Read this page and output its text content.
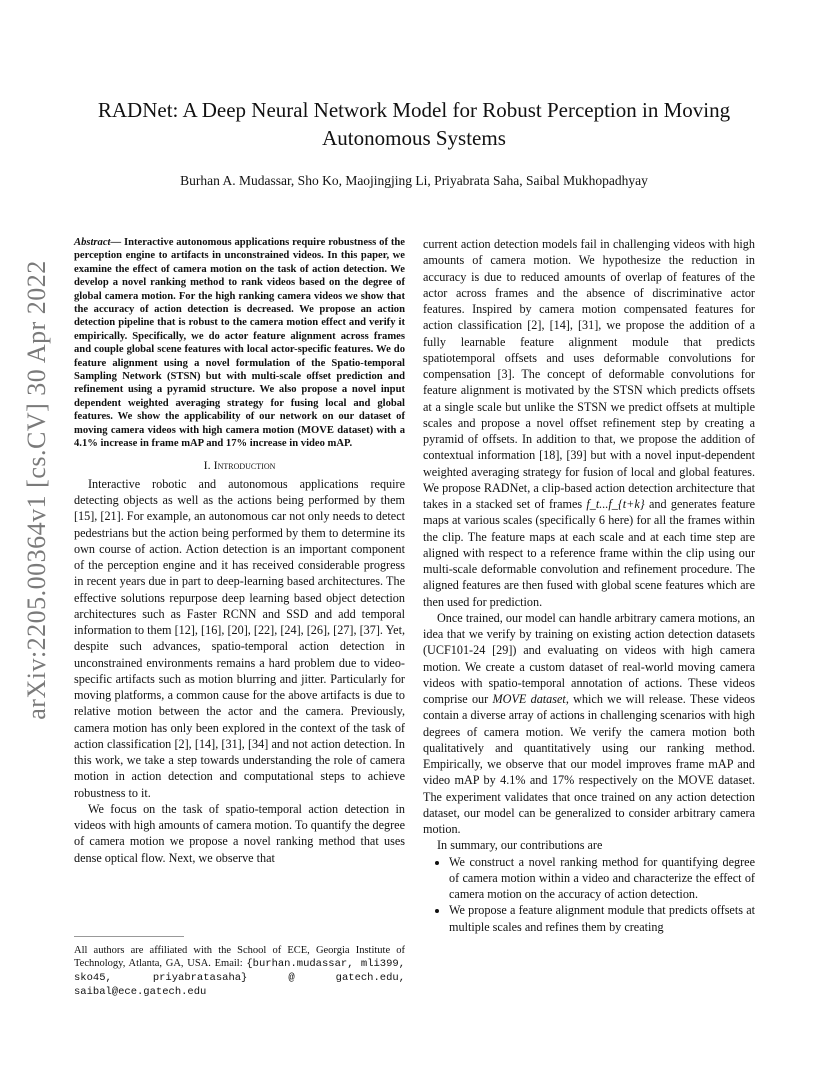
arXiv:2205.00364v1 [cs.CV] 30 Apr 2022
RADNet: A Deep Neural Network Model for Robust Perception in Moving Autonomous Systems
Burhan A. Mudassar, Sho Ko, Maojingjing Li, Priyabrata Saha, Saibal Mukhopadhyay
Abstract— Interactive autonomous applications require robustness of the perception engine to artifacts in unconstrained videos. In this paper, we examine the effect of camera motion on the task of action detection. We develop a novel ranking method to rank videos based on the degree of global camera motion. For the high ranking camera videos we show that the accuracy of action detection is decreased. We propose an action detection pipeline that is robust to the camera motion effect and verify it empirically. Specifically, we do actor feature alignment across frames and couple global scene features with local actor-specific features. We do feature alignment using a novel formulation of the Spatio-temporal Sampling Network (STSN) but with multi-scale offset prediction and refinement using a pyramid structure. We also propose a novel input dependent weighted averaging strategy for fusing local and global features. We show the applicability of our network on our dataset of moving camera videos with high camera motion (MOVE dataset) with a 4.1% increase in frame mAP and 17% increase in video mAP.
I. Introduction

Interactive robotic and autonomous applications require detecting objects as well as the actions being performed by them [15], [21]. For example, an autonomous car not only needs to detect pedestrians but the action being performed by them to determine its own course of action. Action detection is an important component of the perception engine and it has received considerable progress in recent years due in part to deep-learning based architectures. The effective solutions repurpose deep learning based object detection architectures such as Faster RCNN and SSD and add temporal information to them [12], [16], [20], [22], [24], [26], [27], [37]. Yet, despite such advances, spatio-temporal action detection in unconstrained environments remains a hard problem due to video-specific artifacts such as motion blurring and jitter. Particularly for moving platforms, a common cause for the above artifacts is due to relative motion between the actor and the camera. Previously, camera motion has only been explored in the context of the task of action classification [2], [14], [31], [34] and not action detection. In this work, we take a step towards understanding the role of camera motion in action detection and computational steps to achieve robustness to it.

We focus on the task of spatio-temporal action detection in videos with high amounts of camera motion. To quantify the degree of camera motion we propose a novel ranking method that uses dense optical flow. Next, we observe that

All authors are affiliated with the School of ECE, Georgia Institute of Technology, Atlanta, GA, USA. Email: {burhan.mudassar, mli399, sko45, priyabratasaha} @ gatech.edu, saibal@ece.gatech.edu

current action detection models fail in challenging videos with high amounts of camera motion. We hypothesize the reduction in accuracy is due to reduced amounts of overlap of features of the actor across frames and the absence of discriminative actor features. Inspired by camera motion compensated features for action classification [2], [14], [31], we propose the addition of a fully learnable feature alignment module that predicts spatiotemporal offsets and uses deformable convolutions for compensation [3]. The concept of deformable convolutions for feature alignment is motivated by the STSN which predicts offsets at a single scale but unlike the STSN we predict offsets at multiple scales and propose a novel offset refinement step by creating a pyramid of offsets. In addition to that, we propose the addition of contextual information [18], [39] but with a novel input-dependent weighted averaging strategy for fusion of local and global features. We propose RADNet, a clip-based action detection architecture that takes in a stacked set of frames f_t...f_{t+k} and generates feature maps at various scales (specifically 6 here) for all the frames within the clip. The feature maps at each scale and at each time step are aligned with respect to a reference frame within the clip using our multi-scale deformable convolution and refinement procedure. The aligned features are then fused with global scene features which are then used for prediction.

Once trained, our model can handle arbitrary camera motions, an idea that we verify by training on existing action detection datasets (UCF101-24 [29]) and evaluating on videos with high camera motion. We create a custom dataset of real-world moving camera videos with spatio-temporal annotation of actions. These videos comprise our MOVE dataset, which we will release. These videos contain a diverse array of actions in challenging scenarios with high degrees of camera motion. We verify the camera motion both qualitatively and quantitatively using our ranking method. Empirically, we observe that our model improves frame mAP and video mAP by 4.1% and 17% respectively on the MOVE dataset. The experiment validates that once trained on any action detection dataset, our model can be generalized to consider arbitrary camera motion.

In summary, our contributions are

• We construct a novel ranking method for quantifying degree of camera motion within a video and characterize the effect of camera motion on the accuracy of action detection.
• We propose a feature alignment module that predicts offsets at multiple scales and refines them by creating
